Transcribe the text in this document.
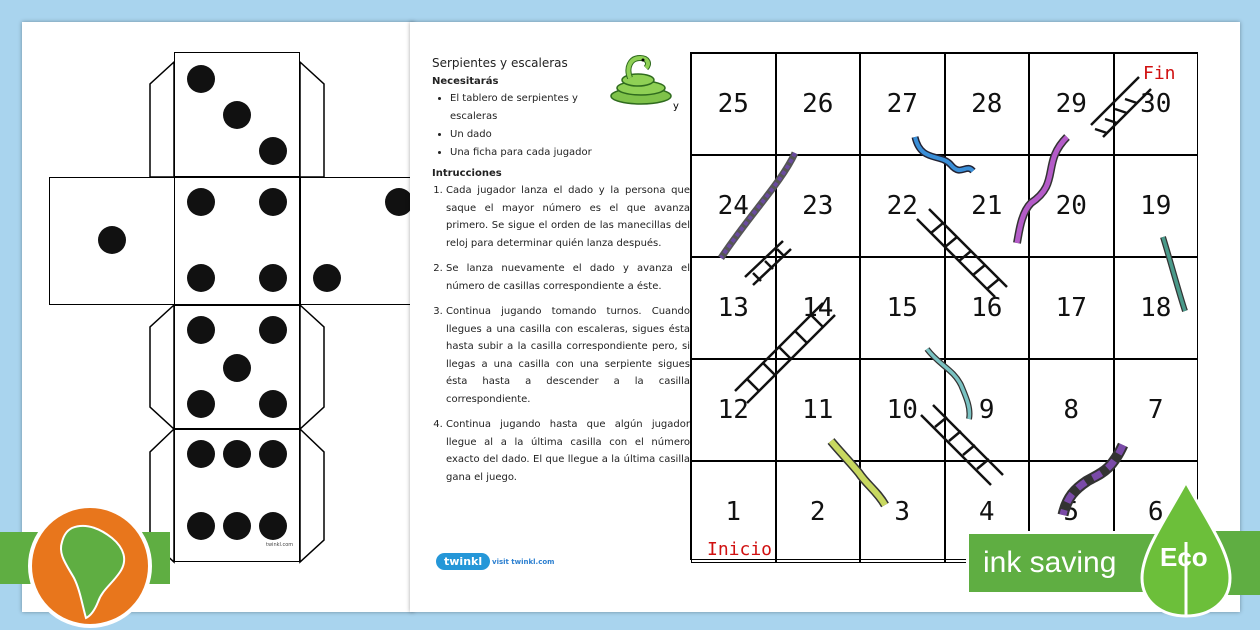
twinkl.com
Serpientes y escaleras
Necesitarás
• El tablero de serpientes y escaleras
• Un dado
• Una ficha para cada jugador
Intrucciones
1. Cada jugador lanza el dado y la persona que saque el mayor número es el que avanza primero. Se sigue el orden de las manecillas del reloj para determinar quién lanza después.
2. Se lanza nuevamente el dado y avanza el número de casillas correspondiente a éste.
3. Continua jugando tomando turnos. Cuando llegues a una casilla con escaleras, sigues ésta hasta subir a la casilla correspondiente pero, si llegas a una casilla con una serpiente sigues ésta hasta a descender a la casilla correspondiente.
4. Continua jugando hasta que algún jugador llegue al a la última casilla con el número exacto del dado. El que llegue a la última casilla gana el juego.
y
twinkl	visit twinkl.com
6
5
4
3
2
1
7
8
9
10
11
12
18
17
16
15
14
13
19
20
21
22
23
24
30
29
28
27
26
25
Fin
Inicio	ink saving Eco
